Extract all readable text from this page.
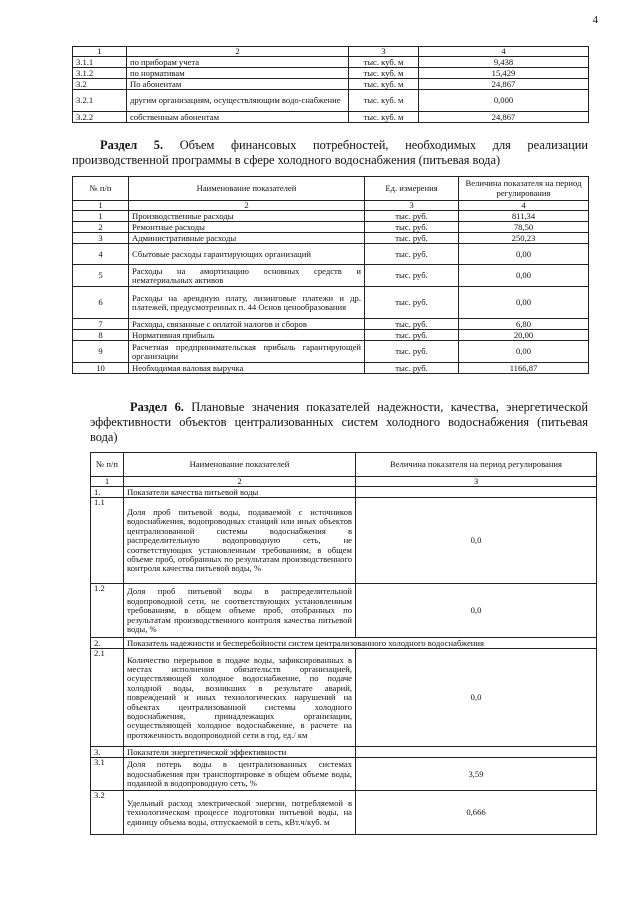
4
1	2	3	4
3.1.1	по приборам учета	тыс. куб. м	9,438
3.1.2	по нормативам	тыс. куб. м	15,429
3.2	По абонентам	тыс. куб. м	24,867
3.2.1	другим организациям, осуществляющим водо-снабжение	тыс. куб. м	0,000
3.2.2	собственным абонентам	тыс. куб. м	24,867
Раздел 5. Объем финансовых потребностей, необходимых для реализации производственной программы в сфере холодного водоснабжения (питьевая вода)
№ п/п	Наименование показателей	Ед. измерения	Величина показателя на период регулирования
1	2	3	4
1	Производственные расходы	тыс. руб.	811,34
2	Ремонтные расходы	тыс. руб.	78,50
3	Административные расходы	тыс. руб.	250,23
4	Сбытовые расходы гарантирующих организаций	тыс. руб.	0,00
5	Расходы на амортизацию основных средств и нематериальных активов	тыс. руб.	0,00
6	Расходы на арендную плату, лизинговые платежи и др. платежей, предусмотренных п. 44 Основ ценообразования	тыс. руб.	0,00
7	Расходы, связанные с оплатой налогов и сборов	тыс. руб.	6,80
8	Нормативная прибыль	тыс. руб.	20,00
9	Расчетная предпринимательская прибыль гарантирующей организации	тыс. руб.	0,00
10	Необходимая валовая выручка	тыс. руб.	1166,87
Раздел 6. Плановые значения показателей надежности, качества, энергетической эффективности объектов централизованных систем холодного водоснабжения (питьевая вода)
№ п/п	Наименование показателей	Величина показателя на период регулирования
1	2	3
1.	Показатели качества питьевой воды	
1.1	Доля проб питьевой воды, подаваемой с источников водоснабжения, водопроводных станций или иных объектов централизованной системы водоснабжения в распределительную водопроводную сеть, не соответствующих установленным требованиям, в общем объеме проб, отобранных по результатам производственного контроля качества питьевой воды, %	0,0
1.2	Доля проб питьевой воды в распределительной водопроводной сети, не соответствующих установленным требованиям, в общем объеме проб, отобранных по результатам производственного контроля качества питьевой воды, %	0,0
2.	Показатель надежности и бесперебойности систем централизованного холодного водоснабжения	
2.1	Количество перерывов в подаче воды, зафиксированных в местах исполнения обязательств организацией, осуществляющей холодное водоснабжение, по подаче холодной воды, возникших в результате аварий, повреждений и иных технологических нарушений на объектах централизованной системы холодного водоснабжения, принадлежащих организации, осуществляющей холодное водоснабжение, в расчете на протяженность водопроводной сети в год, ед./ км	0,0
3.	Показатели энергетической эффективности	
3.1	Доля потерь воды в централизованных системах водоснабжения при транспортировке в общем объеме воды, поданной в водопроводную сеть, %	3,59
3.2	Удельный расход электрической энергии, потребляемой в технологическом процессе подготовки питьевой воды, на единицу объема воды, отпускаемой в сеть, кВт.ч/куб. м	0,666
